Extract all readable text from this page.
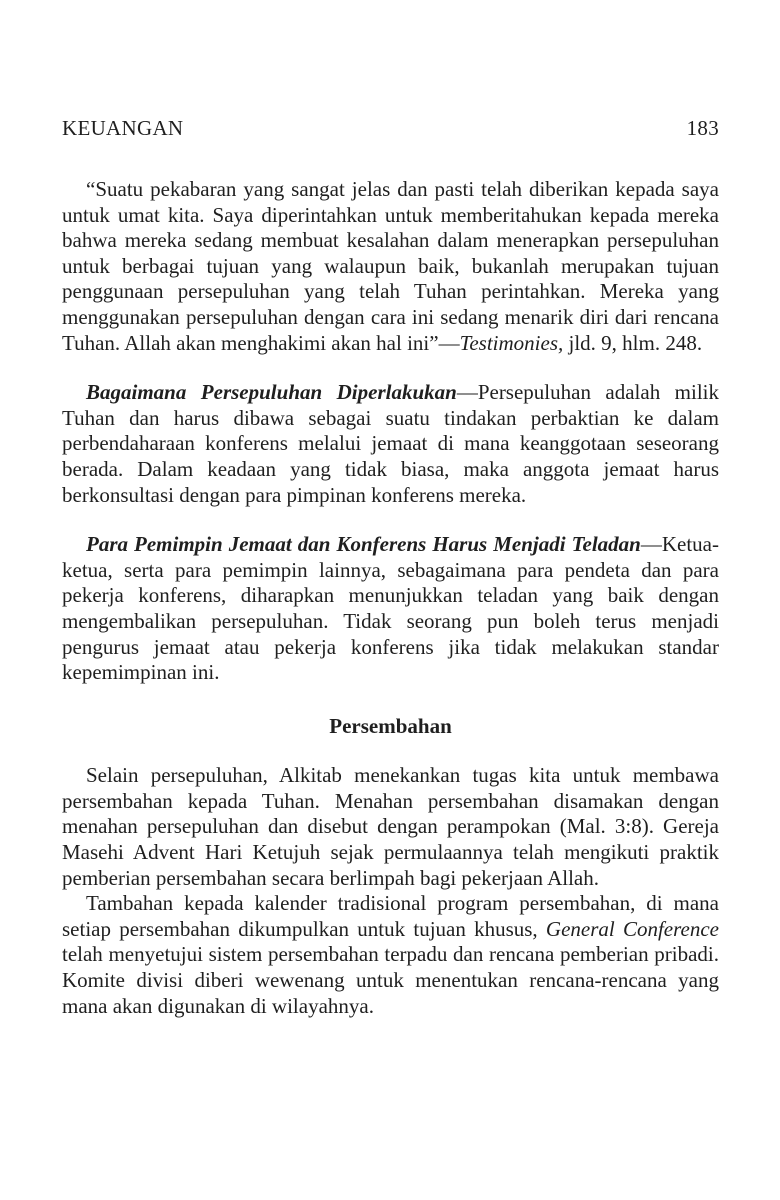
KEUANGAN	183

“Suatu pekabaran yang sangat jelas dan pasti telah diberikan kepada saya untuk umat kita. Saya diperintahkan untuk memberitahukan kepada mereka bahwa mereka sedang membuat kesalahan dalam menerapkan persepuluhan untuk berbagai tujuan yang walaupun baik, bukanlah merupakan tujuan penggunaan persepuluhan yang telah Tuhan perintahkan. Mereka yang menggunakan persepuluhan dengan cara ini sedang menarik diri dari rencana Tuhan. Allah akan menghakimi akan hal ini”—Testimonies, jld. 9, hlm. 248.

Bagaimana Persepuluhan Diperlakukan—Persepuluhan adalah milik Tuhan dan harus dibawa sebagai suatu tindakan perbaktian ke dalam perbendaharaan konferens melalui jemaat di mana keanggotaan seseorang berada. Dalam keadaan yang tidak biasa, maka anggota jemaat harus berkonsultasi dengan para pimpinan konferens mereka.

Para Pemimpin Jemaat dan Konferens Harus Menjadi Teladan—Ketua-ketua, serta para pemimpin lainnya, sebagaimana para pendeta dan para pekerja konferens, diharapkan menunjukkan teladan yang baik dengan mengembalikan persepuluhan. Tidak seorang pun boleh terus menjadi pengurus jemaat atau pekerja konferens jika tidak melakukan standar kepemimpinan ini.

Persembahan

Selain persepuluhan, Alkitab menekankan tugas kita untuk membawa persembahan kepada Tuhan. Menahan persembahan disamakan dengan menahan persepuluhan dan disebut dengan perampokan (Mal. 3:8). Gereja Masehi Advent Hari Ketujuh sejak permulaannya telah mengikuti praktik pemberian persembahan secara berlimpah bagi pekerjaan Allah.

Tambahan kepada kalender tradisional program persembahan, di mana setiap persembahan dikumpulkan untuk tujuan khusus, General Conference telah menyetujui sistem persembahan terpadu dan rencana pemberian pribadi. Komite divisi diberi wewenang untuk menentukan rencana-rencana yang mana akan digunakan di wilayahnya.
